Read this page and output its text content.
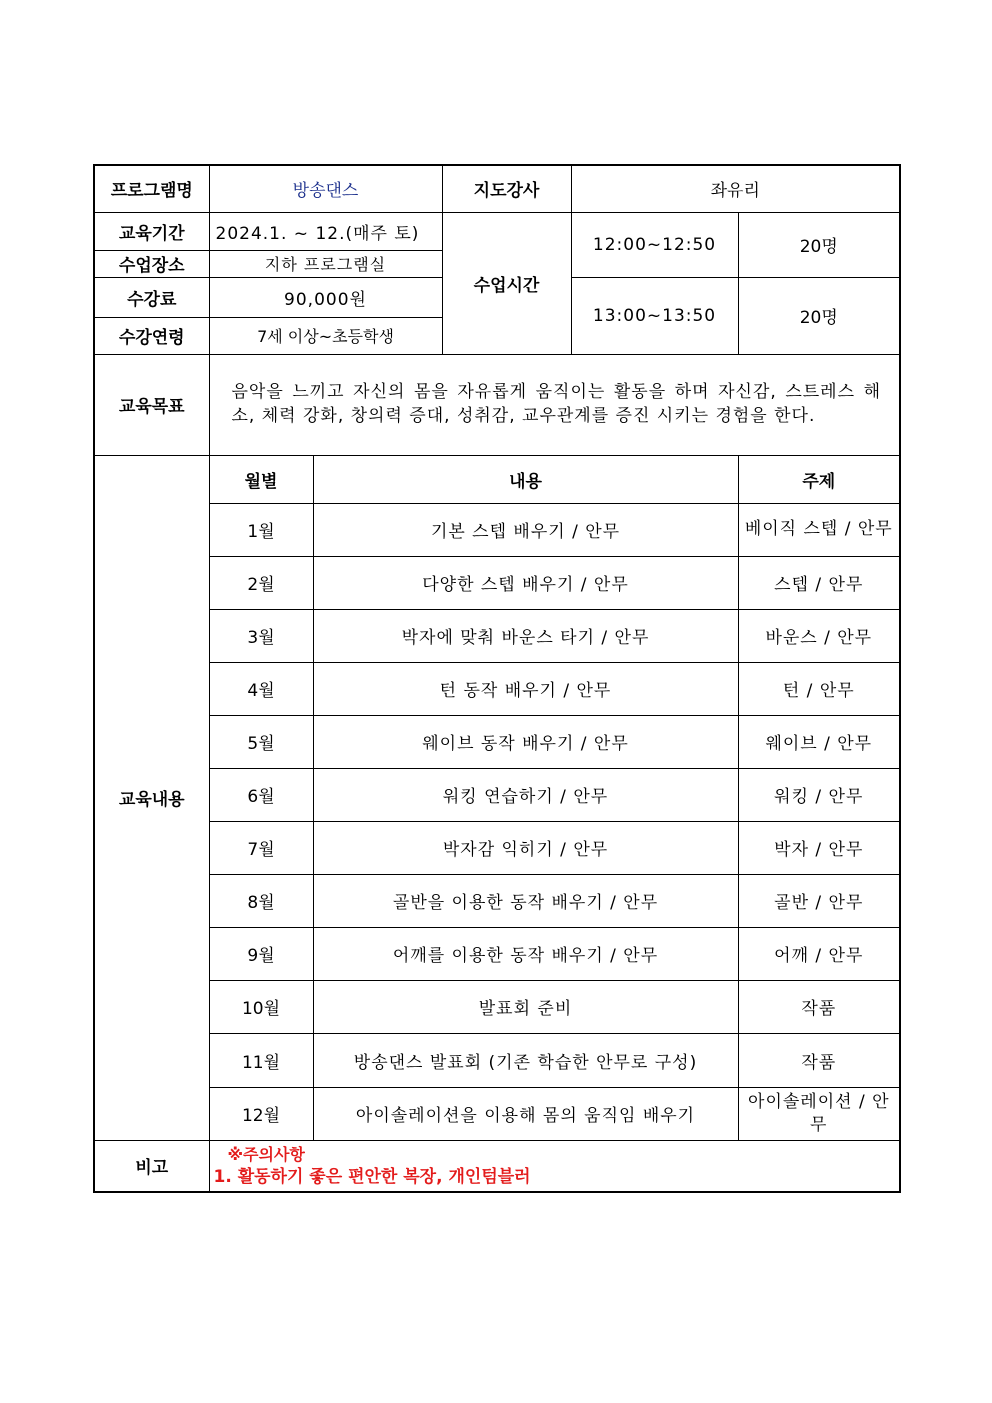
프로그램명	방송댄스		지도강사	좌유리	
교육기간	2024.1. ~ 12.(매주 토)		수업시간	12:00~12:50	20명
수업장소	지하 프로그램실				
수강료	90,000원			13:00~13:50	20명
수강연령	7세 이상~초등학생				
교육목표	음악을 느끼고 자신의 몸을 자유롭게 움직이는 활동을 하며 자신감, 스트레스 해소, 체력 강화, 창의력 증대, 성취감, 교우관계를 증진 시키는 경험을 한다.				
교육내용	월별	내용			주제
	1월	기본 스텝 배우기 / 안무			베이직 스텝 / 안무
	2월	다양한 스텝 배우기 / 안무			스텝 / 안무
	3월	박자에 맞춰 바운스 타기 / 안무			바운스 / 안무
	4월	턴 동작 배우기 / 안무			턴 / 안무
	5월	웨이브 동작 배우기 / 안무			웨이브 / 안무
	6월	워킹 연습하기 / 안무			워킹 / 안무
	7월	박자감 익히기 / 안무			박자 / 안무
	8월	골반을 이용한 동작 배우기 / 안무			골반 / 안무
	9월	어깨를 이용한 동작 배우기 / 안무			어깨 / 안무
	10월	발표회 준비			작품
	11월	방송댄스 발표회 (기존 학습한 안무로 구성)			작품
	12월	아이솔레이션을 이용해 몸의 움직임 배우기			아이솔레이션 / 안무
비고	※주의사항
1. 활동하기 좋은 편안한 복장, 개인텀블러				
